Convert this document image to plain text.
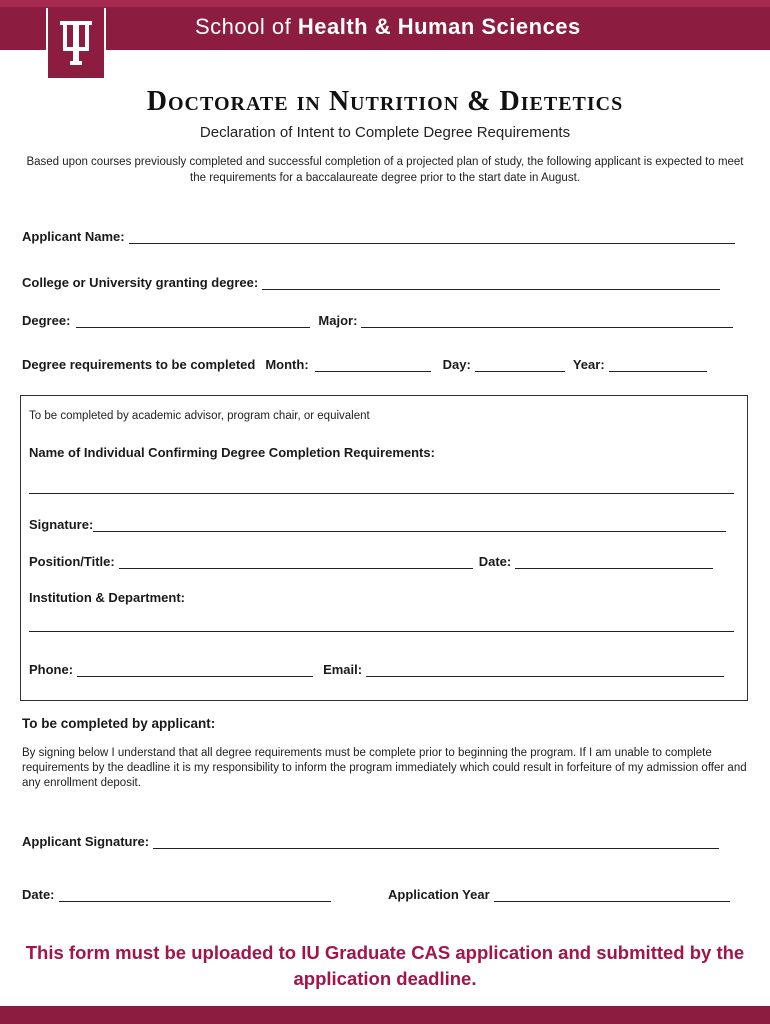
School of Health & Human Sciences
Doctorate in Nutrition & Dietetics
Declaration of Intent to Complete Degree Requirements
Based upon courses previously completed and successful completion of a projected plan of study, the following applicant is expected to meet the requirements for a baccalaureate degree prior to the start date in August.
Applicant Name:
College or University granting degree:
Degree:	Major:
Degree requirements to be completed Month:	Day:	Year:
To be completed by academic advisor, program chair, or equivalent
Name of Individual Confirming Degree Completion Requirements:
Signature:
Position/Title:	Date:
Institution & Department:
Phone:	Email:
To be completed by applicant:
By signing below I understand that all degree requirements must be complete prior to beginning the program. If I am unable to complete requirements by the deadline it is my responsibility to inform the program immediately which could result in forfeiture of my admission offer and any enrollment deposit.
Applicant Signature:
Date:	Application Year
This form must be uploaded to IU Graduate CAS application and submitted by the
application deadline.
